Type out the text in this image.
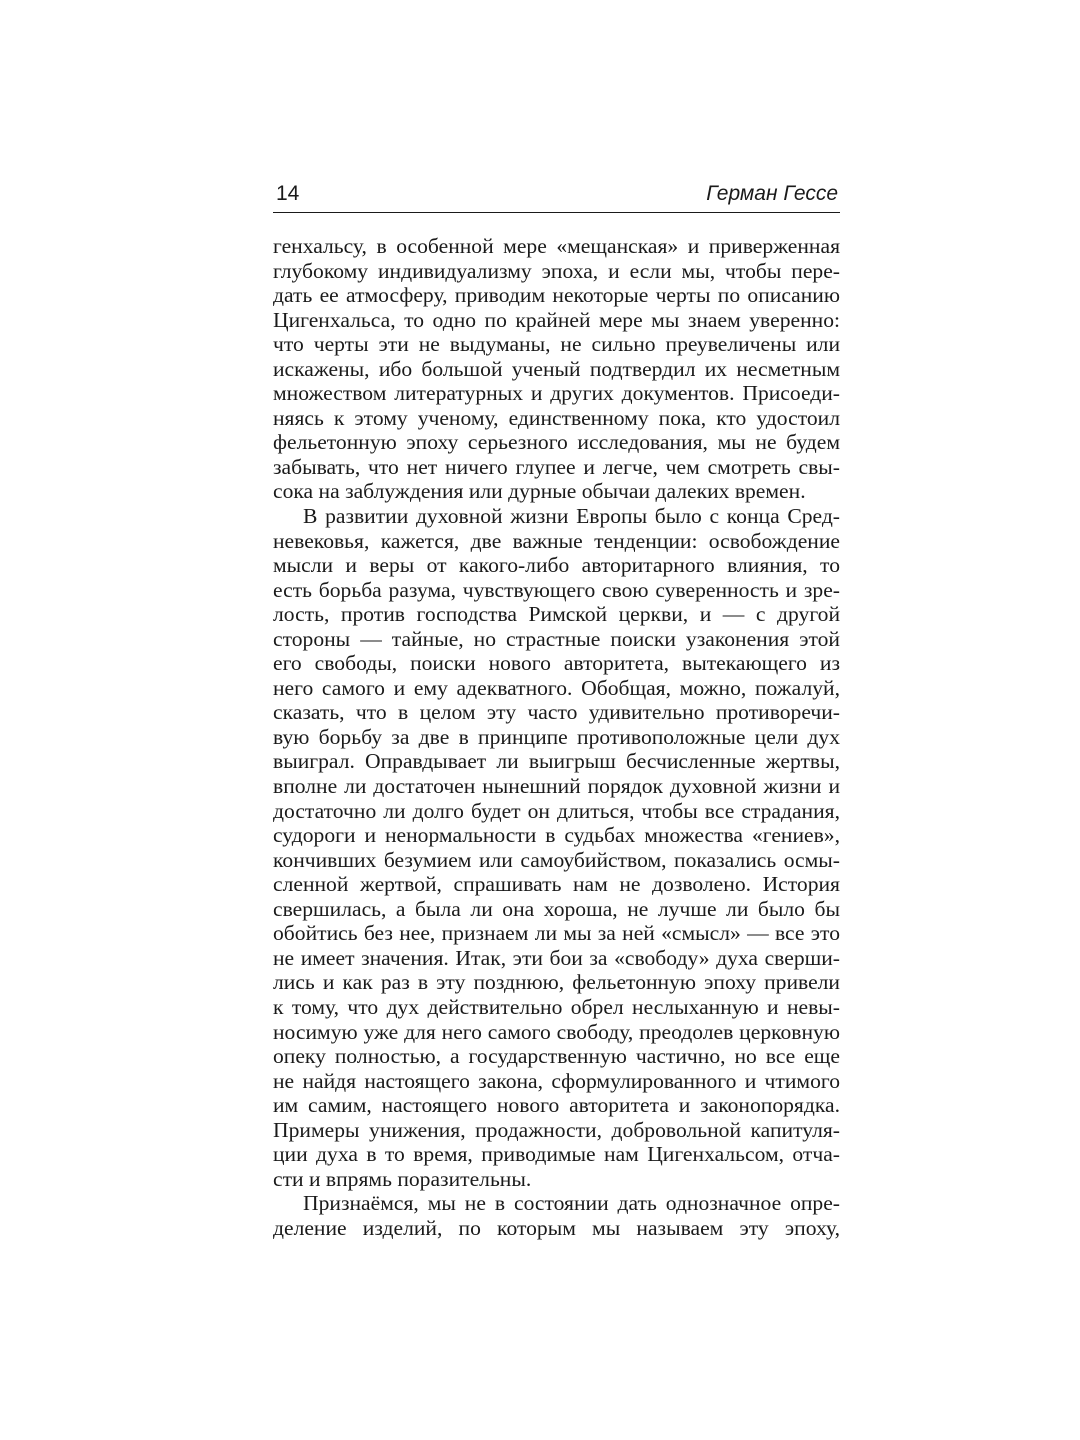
14	Герман Гессе
генхальсу, в особенной мере «мещанская» и приверженная
глубокому индивидуализму эпоха, и если мы, чтобы пере-
дать ее атмосферу, приводим некоторые черты по описанию
Цигенхальса, то одно по крайней мере мы знаем уверенно:
что черты эти не выдуманы, не сильно преувеличены или
искажены, ибо большой ученый подтвердил их несметным
множеством литературных и других документов. Присоеди-
няясь к этому ученому, единственному пока, кто удостоил
фельетонную эпоху серьезного исследования, мы не будем
забывать, что нет ничего глупее и легче, чем смотреть свы-
сока на заблуждения или дурные обычаи далеких времен.
В развитии духовной жизни Европы было с конца Сред-
невековья, кажется, две важные тенденции: освобождение
мысли и веры от какого-либо авторитарного влияния, то
есть борьба разума, чувствующего свою суверенность и зре-
лость, против господства Римской церкви, и — с другой
стороны — тайные, но страстные поиски узаконения этой
его свободы, поиски нового авторитета, вытекающего из
него самого и ему адекватного. Обобщая, можно, пожалуй,
сказать, что в целом эту часто удивительно противоречи-
вую борьбу за две в принципе противоположные цели дух
выиграл. Оправдывает ли выигрыш бесчисленные жертвы,
вполне ли достаточен нынешний порядок духовной жизни и
достаточно ли долго будет он длиться, чтобы все страдания,
судороги и ненормальности в судьбах множества «гениев»,
кончивших безумием или самоубийством, показались осмы-
сленной жертвой, спрашивать нам не дозволено. История
свершилась, а была ли она хороша, не лучше ли было бы
обойтись без нее, признаем ли мы за ней «смысл» — все это
не имеет значения. Итак, эти бои за «свободу» духа сверши-
лись и как раз в эту позднюю, фельетонную эпоху привели
к тому, что дух действительно обрел неслыханную и невы-
носимую уже для него самого свободу, преодолев церковную
опеку полностью, а государственную частично, но все еще
не найдя настоящего закона, сформулированного и чтимого
им самим, настоящего нового авторитета и законопорядка.
Примеры унижения, продажности, добровольной капитуля-
ции духа в то время, приводимые нам Цигенхальсом, отча-
сти и впрямь поразительны.
Признаёмся, мы не в состоянии дать однозначное опре-
деление изделий, по которым мы называем эту эпоху,
